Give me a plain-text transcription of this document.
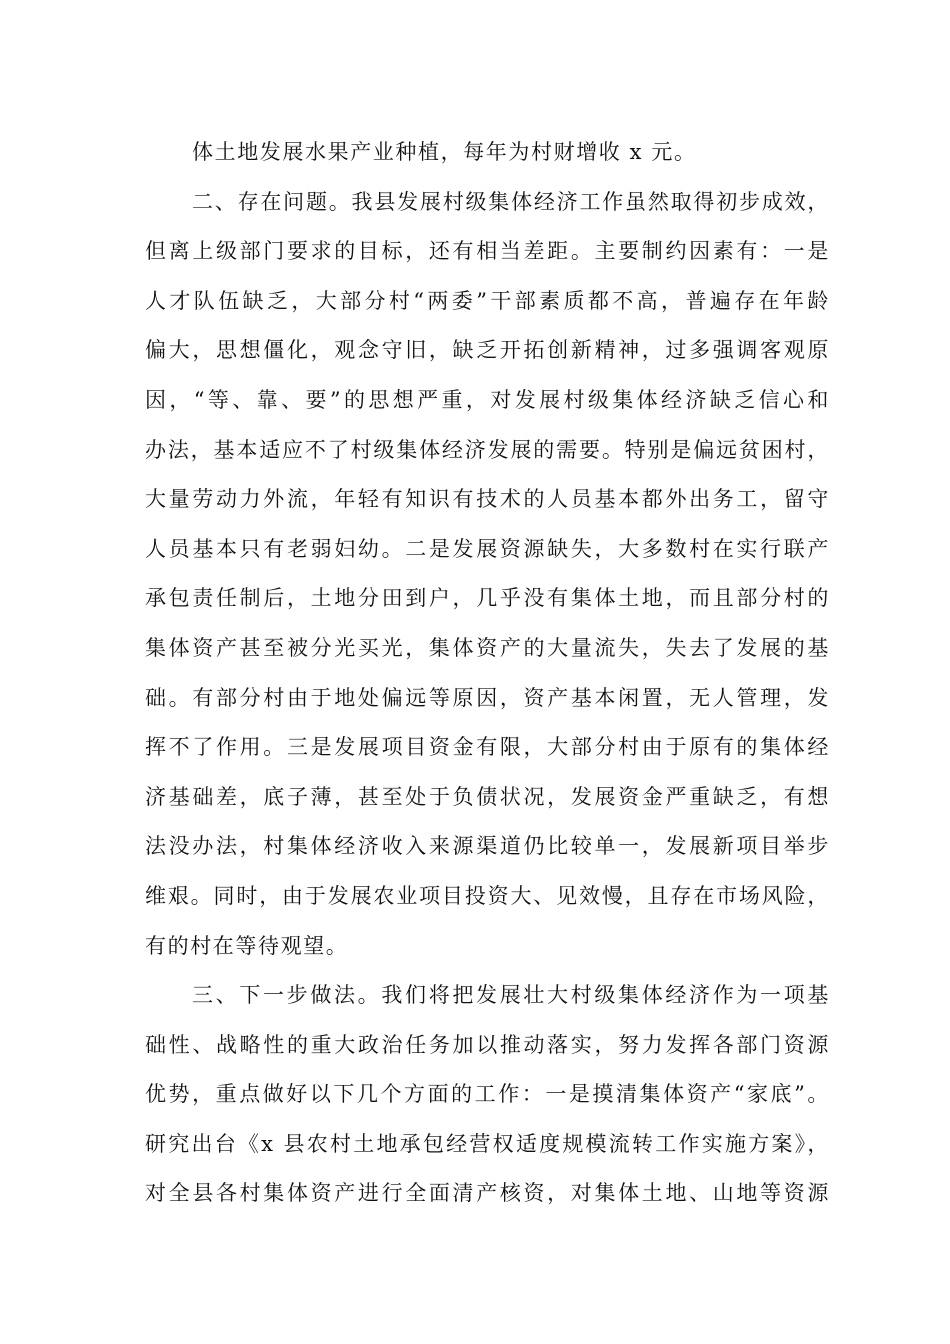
体土地发展水果产业种植，每年为村财增收 x 元。
二、存在问题。我县发展村级集体经济工作虽然取得初步成效，
但离上级部门要求的目标，还有相当差距。主要制约因素有：一是
人才队伍缺乏，大部分村“两委”干部素质都不高，普遍存在年龄
偏大，思想僵化，观念守旧，缺乏开拓创新精神，过多强调客观原
因，“等、靠、要”的思想严重，对发展村级集体经济缺乏信心和
办法，基本适应不了村级集体经济发展的需要。特别是偏远贫困村，
大量劳动力外流，年轻有知识有技术的人员基本都外出务工，留守
人员基本只有老弱妇幼。二是发展资源缺失，大多数村在实行联产
承包责任制后，土地分田到户，几乎没有集体土地，而且部分村的
集体资产甚至被分光买光，集体资产的大量流失，失去了发展的基
础。有部分村由于地处偏远等原因，资产基本闲置，无人管理，发
挥不了作用。三是发展项目资金有限，大部分村由于原有的集体经
济基础差，底子薄，甚至处于负债状况，发展资金严重缺乏，有想
法没办法，村集体经济收入来源渠道仍比较单一，发展新项目举步
维艰。同时，由于发展农业项目投资大、见效慢，且存在市场风险，
有的村在等待观望。
三、下一步做法。我们将把发展壮大村级集体经济作为一项基
础性、战略性的重大政治任务加以推动落实，努力发挥各部门资源
优势，重点做好以下几个方面的工作：一是摸清集体资产“家底”。
研究出台《x 县农村土地承包经营权适度规模流转工作实施方案》，
对全县各村集体资产进行全面清产核资，对集体土地、山地等资源
